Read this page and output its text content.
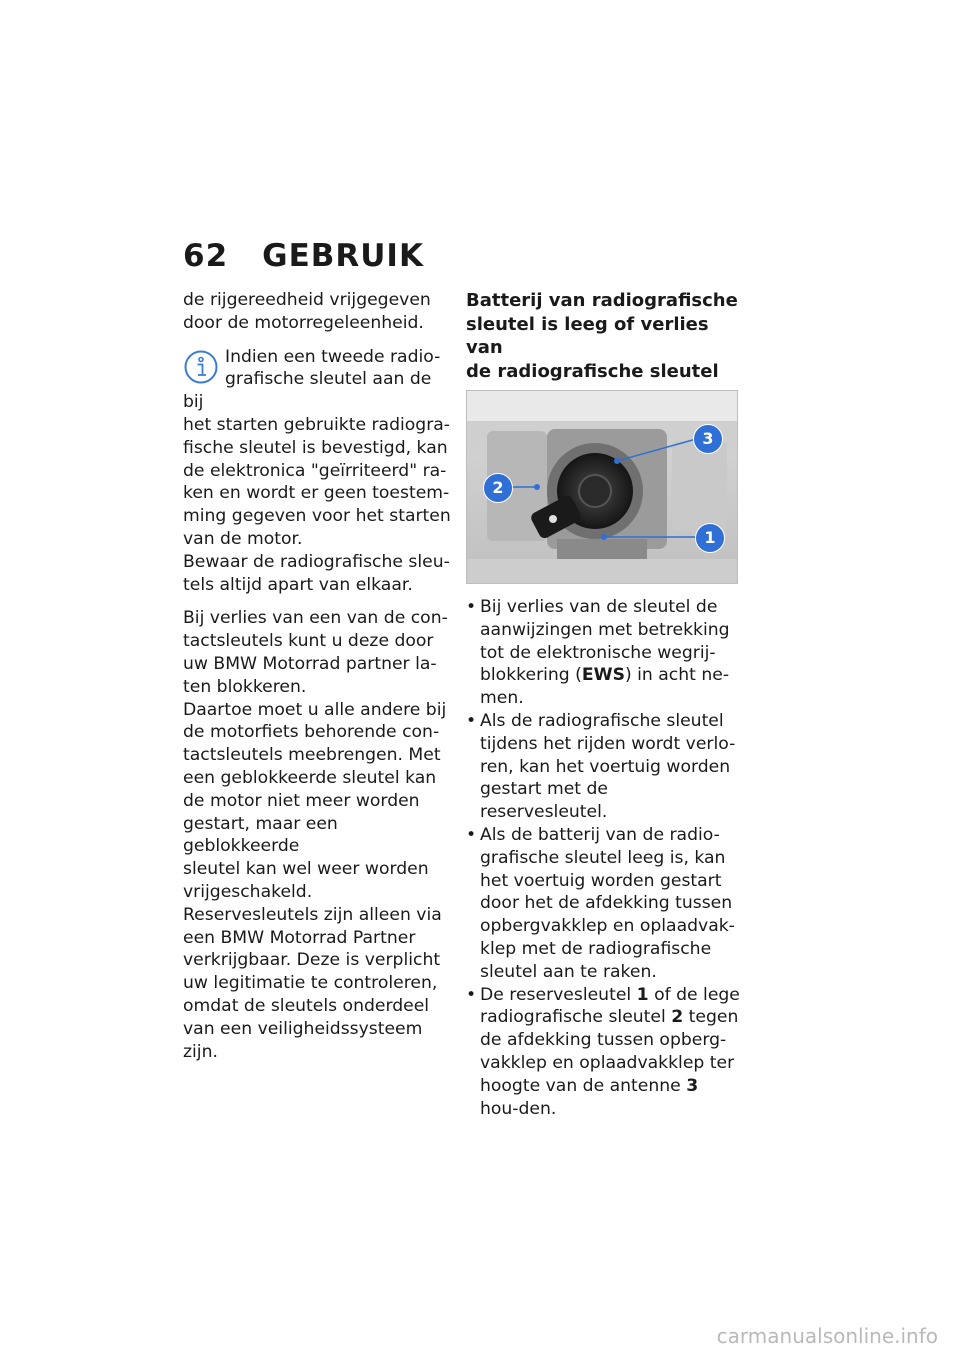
62 GEBRUIK

de rijgereedheid vrijgegeven door de motorregeleenheid.

Indien een tweede radio-
grafische sleutel aan de bij
het starten gebruikte radiogra-
fische sleutel is bevestigd, kan
de elektronica "geïrriteerd" ra-
ken en wordt er geen toestem-
ming gegeven voor het starten
van de motor.
Bewaar de radiografische sleu-
tels altijd apart van elkaar.
Bij verlies van een van de con-
tactsleutels kunt u deze door
uw BMW Motorrad partner la-
ten blokkeren.
Daartoe moet u alle andere bij
de motorfiets behorende con-
tactsleutels meebrengen. Met
een geblokkeerde sleutel kan
de motor niet meer worden
gestart, maar een geblokkeerde
sleutel kan wel weer worden
vrijgeschakeld.
Reservesleutels zijn alleen via
een BMW Motorrad Partner
verkrijgbaar. Deze is verplicht
uw legitimatie te controleren,
omdat de sleutels onderdeel
van een veiligheidssysteem zijn.
Batterij van radiografische
sleutel is leeg of verlies van
de radiografische sleutel
3
2
1
• Bij verlies van de sleutel de aanwijzingen met betrekking tot de elektronische wegrij-blokkering (EWS) in acht ne-men.
• Als de radiografische sleutel tijdens het rijden wordt verlo-ren, kan het voertuig worden gestart met de reservesleutel.
• Als de batterij van de radio-grafische sleutel leeg is, kan het voertuig worden gestart door het de afdekking tussen opbergvakklep en oplaadvak-klep met de radiografische sleutel aan te raken.
• De reservesleutel 1 of de lege radiografische sleutel 2 tegen de afdekking tussen opberg-vakklep en oplaadvakklep ter hoogte van de antenne 3 hou-den.
carmanualsonline.info
